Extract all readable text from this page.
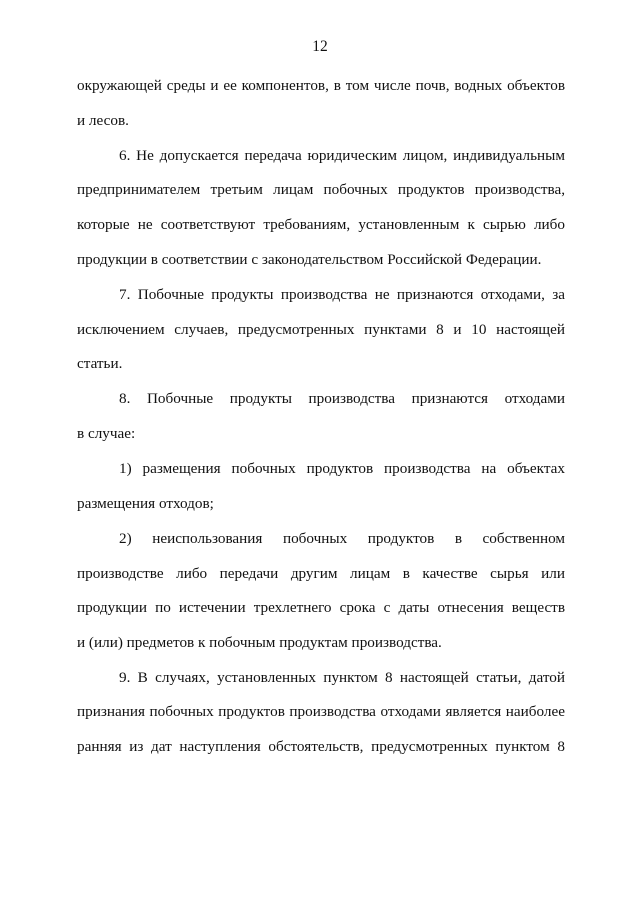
12
окружающей среды и ее компонентов, в том числе почв, водных объектов
и лесов.
6. Не допускается передача юридическим лицом, индивидуальным
предпринимателем третьим лицам побочных продуктов производства,
которые не соответствуют требованиям, установленным к сырью либо
продукции в соответствии с законодательством Российской Федерации.
7. Побочные продукты производства не признаются отходами, за
исключением случаев, предусмотренных пунктами 8 и 10 настоящей
статьи.
8. Побочные продукты производства признаются отходами
в случае:
1) размещения побочных продуктов производства на объектах
размещения отходов;
2) неиспользования побочных продуктов в собственном
производстве либо передачи другим лицам в качестве сырья или
продукции по истечении трехлетнего срока с даты отнесения веществ
и (или) предметов к побочным продуктам производства.
9. В случаях, установленных пунктом 8 настоящей статьи, датой
признания побочных продуктов производства отходами является наиболее
ранняя из дат наступления обстоятельств, предусмотренных пунктом 8
